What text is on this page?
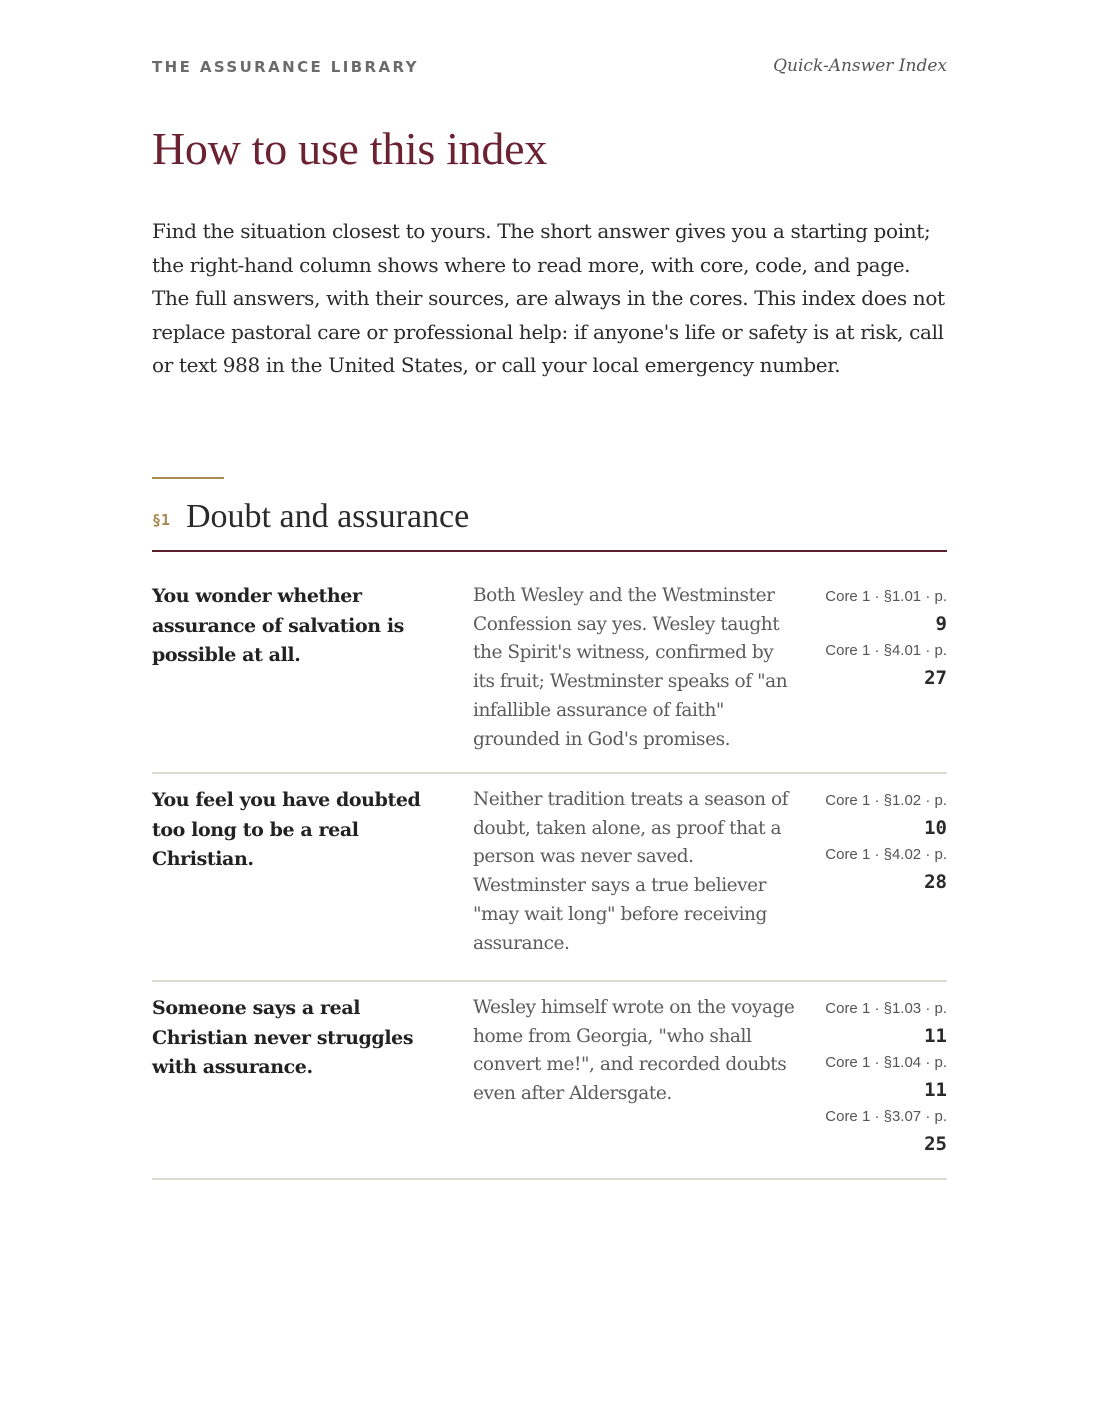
THE ASSURANCE LIBRARY	Quick-Answer Index
How to use this index

Find the situation closest to yours. The short answer gives you a starting point; the right-hand column shows where to read more, with core, code, and page. The full answers, with their sources, are always in the cores. This index does not replace pastoral care or professional help: if anyone's life or safety is at risk, call or text 988 in the United States, or call your local emergency number.

§1 Doubt and assurance
You wonder whether assurance of salvation is possible at all.
Both Wesley and the Westminster Confession say yes. Wesley taught the Spirit's witness, confirmed by its fruit; Westminster speaks of "an infallible assurance of faith" grounded in God's promises.
Core 1 · §1.01 · p.
9
Core 1 · §4.01 · p.
27
You feel you have doubted too long to be a real Christian.
Neither tradition treats a season of doubt, taken alone, as proof that a person was never saved. Westminster says a true believer "may wait long" before receiving assurance.
Core 1 · §1.02 · p.
10
Core 1 · §4.02 · p.
28
Someone says a real Christian never struggles with assurance.
Wesley himself wrote on the voyage home from Georgia, "who shall convert me!", and recorded doubts even after Aldersgate.
Core 1 · §1.03 · p.
11
Core 1 · §1.04 · p.
11
Core 1 · §3.07 · p.
25
